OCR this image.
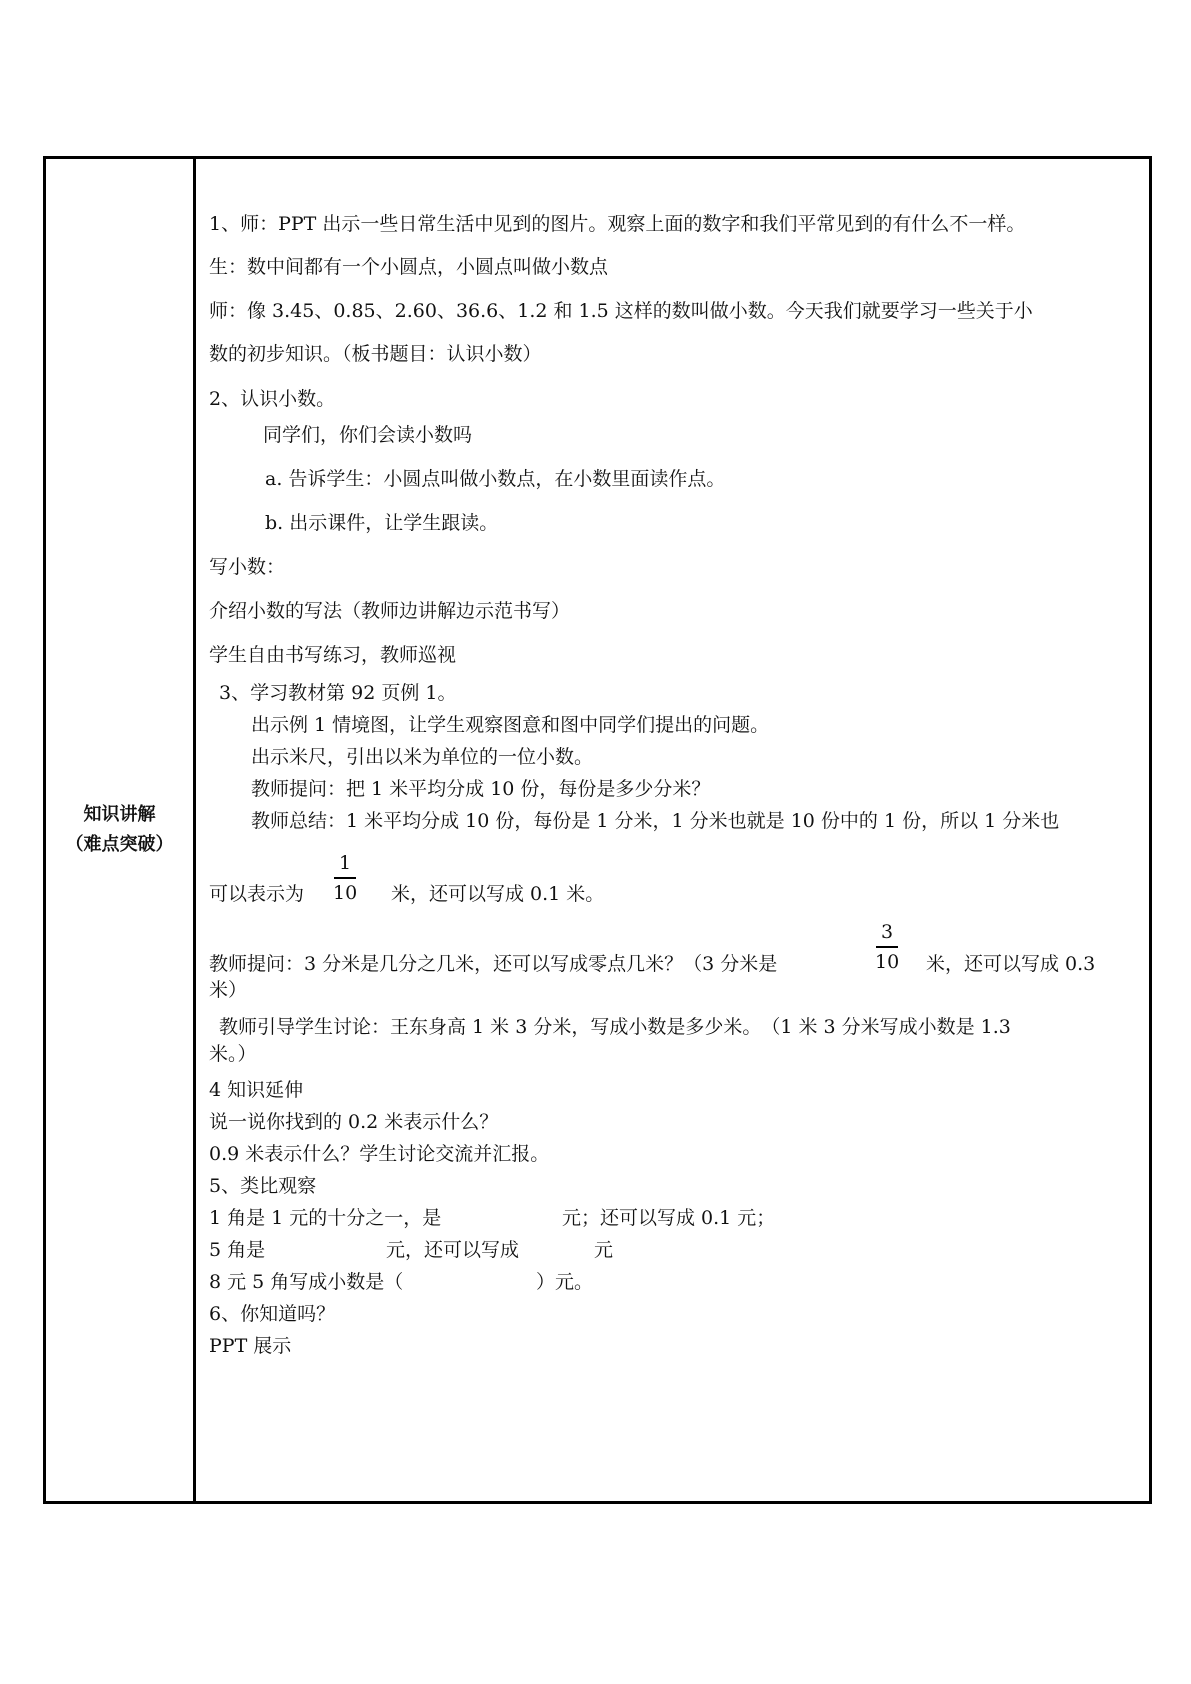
知识讲解
（难点突破）
1、师：PPT 出示一些日常生活中见到的图片。观察上面的数字和我们平常见到的有什么不一样。
生：数中间都有一个小圆点，小圆点叫做小数点
师：像 3.45、0.85、2.60、36.6、1.2 和 1.5 这样的数叫做小数。今天我们就要学习一些关于小
数的初步知识。（板书题目：认识小数）
2、认识小数。
同学们，你们会读小数吗
a. 告诉学生：小圆点叫做小数点，在小数里面读作点。
b. 出示课件，让学生跟读。
写小数：
介绍小数的写法（教师边讲解边示范书写）
学生自由书写练习，教师巡视
3、学习教材第 92 页例 1。
出示例 1 情境图，让学生观察图意和图中同学们提出的问题。
出示米尺，引出以米为单位的一位小数。
教师提问：把 1 米平均分成 10 份，每份是多少分米？
教师总结：1 米平均分成 10 份，每份是 1 分米，1 分米也就是 10 份中的 1 份，所以 1 分米也
可以表示为
1
10 米，还可以写成 0.1 米。
教师提问：3 分米是几分之几米，还可以写成零点几米？（3 分米是
3
10 米，还可以写成 0.3
米）
教师引导学生讨论：王东身高 1 米 3 分米，写成小数是多少米。　（1 米 3 分米写成小数是 1.3
米。）
4 知识延伸
说一说你找到的 0.2 米表示什么？
0.9 米表示什么？学生讨论交流并汇报。
5、类比观察
1 角是 1 元的十分之一，是	元；还可以写成 0.1 元；
5 角是	元，还可以写成	元
8 元 5 角写成小数是（	）元。
6、你知道吗？
PPT 展示
